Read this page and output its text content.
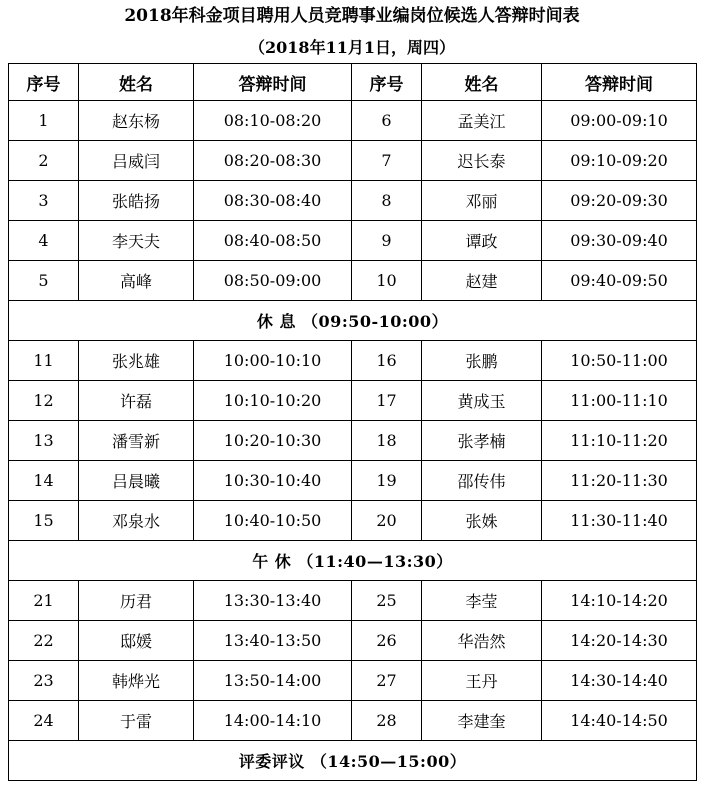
2018年科金项目聘用人员竞聘事业编岗位候选人答辩时间表
（2018年11月1日，周四）
序号	姓名	答辩时间	序号	姓名	答辩时间
1	赵东杨	08:10-08:20	6	孟美江	09:00-09:10
2	吕威闫	08:20-08:30	7	迟长泰	09:10-09:20
3	张皓扬	08:30-08:40	8	邓丽	09:20-09:30
4	李天夫	08:40-08:50	9	谭政	09:30-09:40
5	高峰	08:50-09:00	10	赵建	09:40-09:50
休 息 （09:50-10:00）					
11	张兆雄	10:00-10:10	16	张鹏	10:50-11:00
12	许磊	10:10-10:20	17	黄成玉	11:00-11:10
13	潘雪新	10:20-10:30	18	张孝楠	11:10-11:20
14	吕晨曦	10:30-10:40	19	邵传伟	11:20-11:30
15	邓泉水	10:40-10:50	20	张姝	11:30-11:40
午 休 （11:40—13:30）					
21	历君	13:30-13:40	25	李莹	14:10-14:20
22	邸媛	13:40-13:50	26	华浩然	14:20-14:30
23	韩烨光	13:50-14:00	27	王丹	14:30-14:40
24	于雷	14:00-14:10	28	李建奎	14:40-14:50
评委评议 （14:50—15:00）					
